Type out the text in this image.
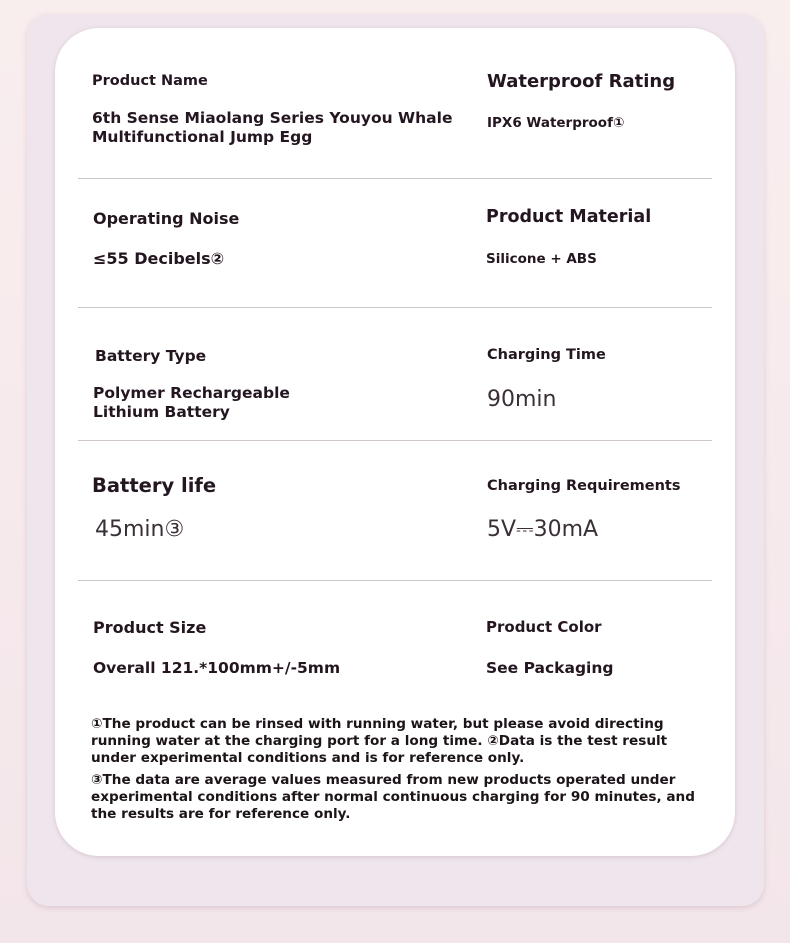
Product Name
6th Sense Miaolang Series Youyou Whale
Multifunctional Jump Egg
Waterproof Rating
IPX6 Waterproof①
Operating Noise
≤55 Decibels②
Product Material
Silicone + ABS
Battery Type
Polymer Rechargeable
Lithium Battery
Charging Time
90min
Battery life
45min③
Charging Requirements
5V⎓30mA
Product Size
Overall 121.*100mm+/-5mm
Product Color
See Packaging

①The product can be rinsed with running water, but please avoid directing running water at the charging port for a long time. ②Data is the test result under experimental conditions and is for reference only.

③The data are average values measured from new products operated under experimental conditions after normal continuous charging for 90 minutes, and the results are for reference only.
